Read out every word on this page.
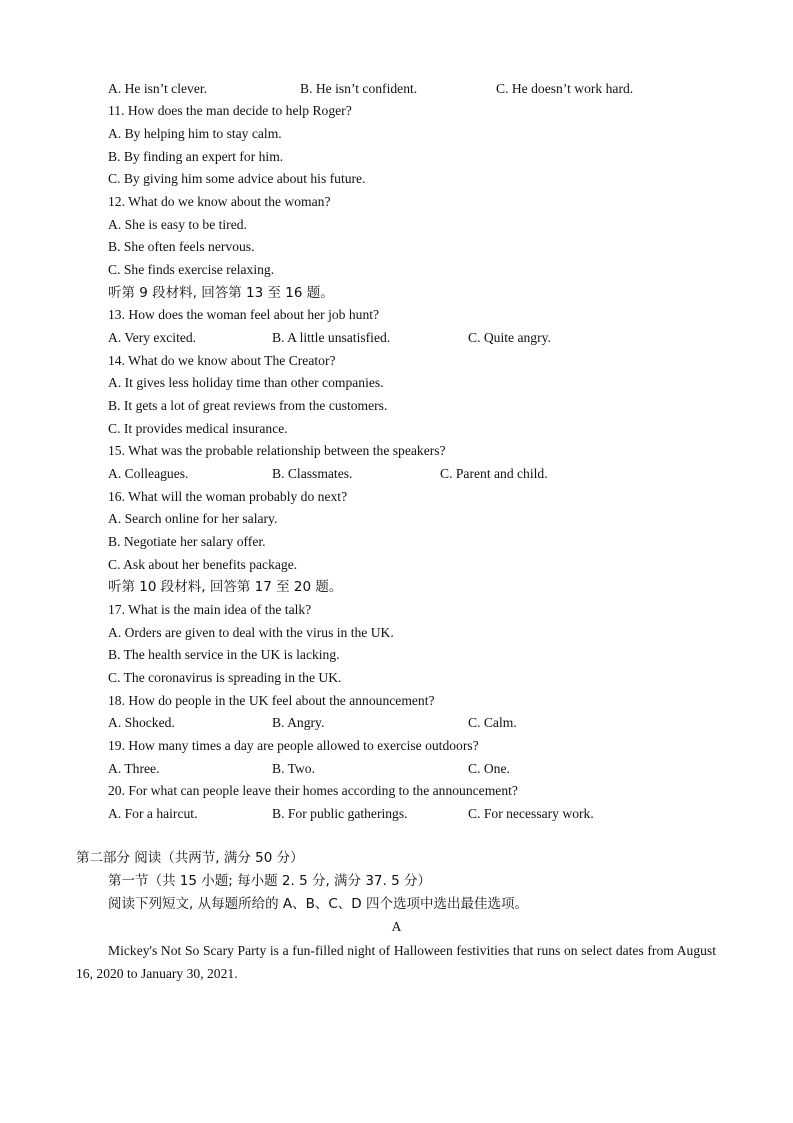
A. He isn’t clever.	B. He isn’t confident.	C. He doesn’t work hard.
11. How does the man decide to help Roger?
A. By helping him to stay calm.
B. By finding an expert for him.
C. By giving him some advice about his future.
12. What do we know about the woman?
A. She is easy to be tired.
B. She often feels nervous.
C. She finds exercise relaxing.
听第 9 段材料, 回答第 13 至 16 题。
13. How does the woman feel about her job hunt?
A. Very excited.	B. A little unsatisfied.	C. Quite angry.
14. What do we know about The Creator?
A. It gives less holiday time than other companies.
B. It gets a lot of great reviews from the customers.
C. It provides medical insurance.
15. What was the probable relationship between the speakers?
A. Colleagues.	B. Classmates.	C. Parent and child.
16. What will the woman probably do next?
A. Search online for her salary.
B. Negotiate her salary offer.
C. Ask about her benefits package.
听第 10 段材料, 回答第 17 至 20 题。
17. What is the main idea of the talk?
A. Orders are given to deal with the virus in the UK.
B. The health service in the UK is lacking.
C. The coronavirus is spreading in the UK.
18. How do people in the UK feel about the announcement?
A. Shocked.	B. Angry.	C. Calm.
19. How many times a day are people allowed to exercise outdoors?
A. Three.	B. Two.	C. One.
20. For what can people leave their homes according to the announcement?
A. For a haircut.	B. For public gatherings.	C. For necessary work.
第二部分 阅读（共两节, 满分 50 分）
第一节（共 15 小题; 每小题 2. 5 分, 满分 37. 5 分）
阅读下列短文, 从每题所给的 A、B、C、D 四个选项中选出最佳选项。
A
Mickey's Not So Scary Party is a fun-filled night of Halloween festivities that runs on select dates from August 16, 2020 to January 30, 2021.
